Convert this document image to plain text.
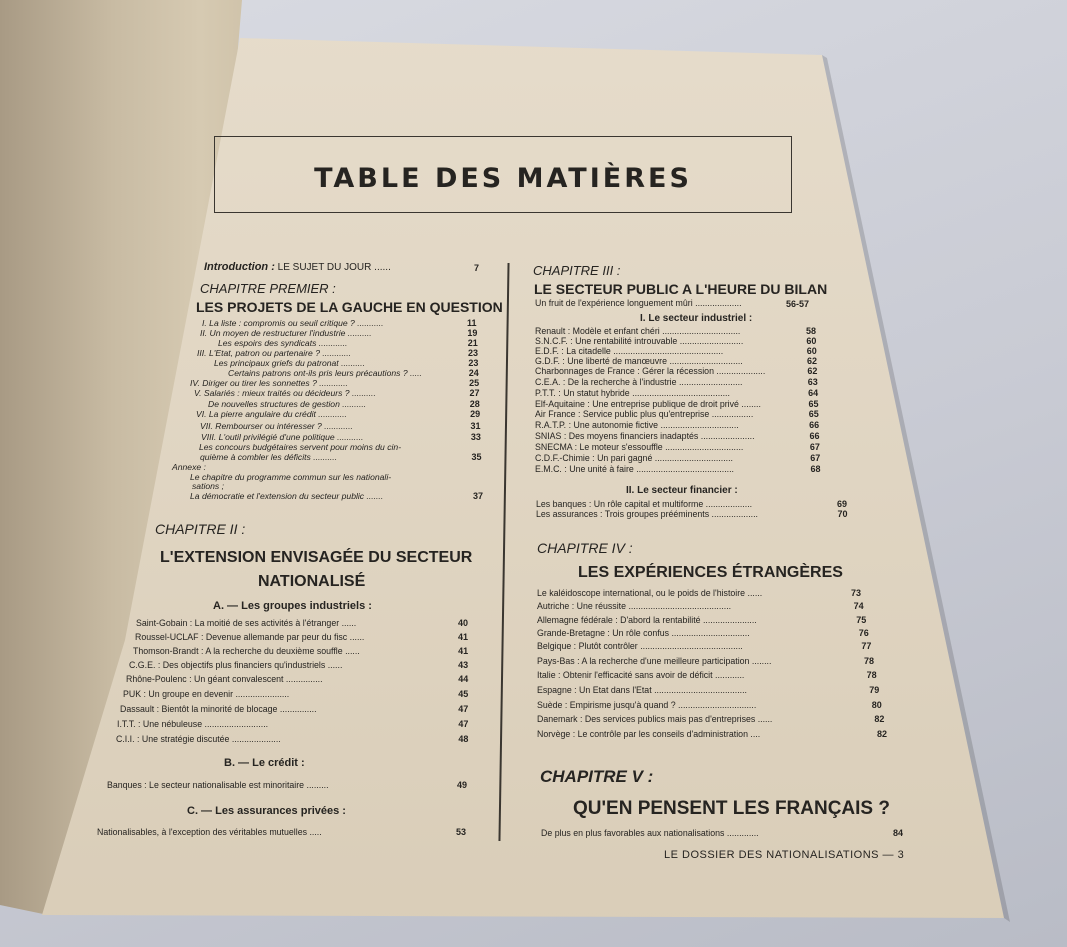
TABLE DES MATIÈRES
Introduction : LE SUJET DU JOUR ......	7
CHAPITRE PREMIER :
LES PROJETS DE LA GAUCHE EN QUESTION
I. La liste : compromis ou seuil critique ? ...........	11
II. Un moyen de restructurer l'industrie ..........	19
Les espoirs des syndicats ............	21
III. L'Etat, patron ou partenaire ? ............	23
Les principaux griefs du patronat ..........	23
Certains patrons ont-ils pris leurs précautions ? .....	24
IV. Diriger ou tirer les sonnettes ? ............	25
V. Salariés : mieux traités ou décideurs ? ..........	27
De nouvelles structures de gestion ..........	28
VI. La pierre angulaire du crédit ............	29
VII. Rembourser ou intéresser ? ............	31
VIII. L'outil privilégié d'une politique ...........	33
Les concours budgétaires servent pour moins du cin-
quième à combler les déficits ..........	35
Annexe :
Le chapitre du programme commun sur les nationali-
sations ;
La démocratie et l'extension du secteur public .......	37
CHAPITRE II :
L'EXTENSION ENVISAGÉE DU SECTEUR
NATIONALISÉ
A. — Les groupes industriels :
Saint-Gobain : La moitié de ses activités à l'étranger ......	40
Roussel-UCLAF : Devenue allemande par peur du fisc ......	41
Thomson-Brandt : A la recherche du deuxième souffle ......	41
C.G.E. : Des objectifs plus financiers qu'industriels ......	43
Rhône-Poulenc : Un géant convalescent ...............	44
PUK : Un groupe en devenir ......................	45
Dassault : Bientôt la minorité de blocage ...............	47
I.T.T. : Une nébuleuse ..........................	47
C.I.I. : Une stratégie discutée ....................	48
B. — Le crédit :
Banques : Le secteur nationalisable est minoritaire .........	49
C. — Les assurances privées :
Nationalisables, à l'exception des véritables mutuelles .....	53
CHAPITRE III :
LE SECTEUR PUBLIC A L'HEURE DU BILAN
Un fruit de l'expérience longuement mûri ...................	56-57
I. Le secteur industriel :
Renault : Modèle et enfant chéri ................................	58
S.N.C.F. : Une rentabilité introuvable ..........................	60
E.D.F. : La citadelle .............................................	60
G.D.F. : Une liberté de manœuvre ..............................	62
Charbonnages de France : Gérer la récession ....................	62
C.E.A. : De la recherche à l'industrie ..........................	63
P.T.T. : Un statut hybride ........................................	64
Elf-Aquitaine : Une entreprise publique de droit privé ........	65
Air France : Service public plus qu'entreprise .................	65
R.A.T.P. : Une autonomie fictive ................................	66
SNIAS : Des moyens financiers inadaptés ......................	66
SNECMA : Le moteur s'essouffle ................................	67
C.D.F.-Chimie : Un pari gagné ................................	67
E.M.C. : Une unité à faire ........................................	68
II. Le secteur financier :
Les banques : Un rôle capital et multiforme ...................	69
Les assurances : Trois groupes prééminents ...................	70
CHAPITRE IV :
LES EXPÉRIENCES ÉTRANGÈRES
Le kaléidoscope international, ou le poids de l'histoire ......	73
Autriche : Une réussite ..........................................	74
Allemagne fédérale : D'abord la rentabilité ......................	75
Grande-Bretagne : Un rôle confus ................................	76
Belgique : Plutôt contrôler ..........................................	77
Pays-Bas : A la recherche d'une meilleure participation ........	78
Italie : Obtenir l'efficacité sans avoir de déficit ............	78
Espagne : Un Etat dans l'Etat ......................................	79
Suède : Empirisme jusqu'à quand ? ................................	80
Danemark : Des services publics mais pas d'entreprises ......	82
Norvège : Le contrôle par les conseils d'administration ....	82
CHAPITRE V :
QU'EN PENSENT LES FRANÇAIS ?
De plus en plus favorables aux nationalisations .............	84
LE DOSSIER DES NATIONALISATIONS — 3
